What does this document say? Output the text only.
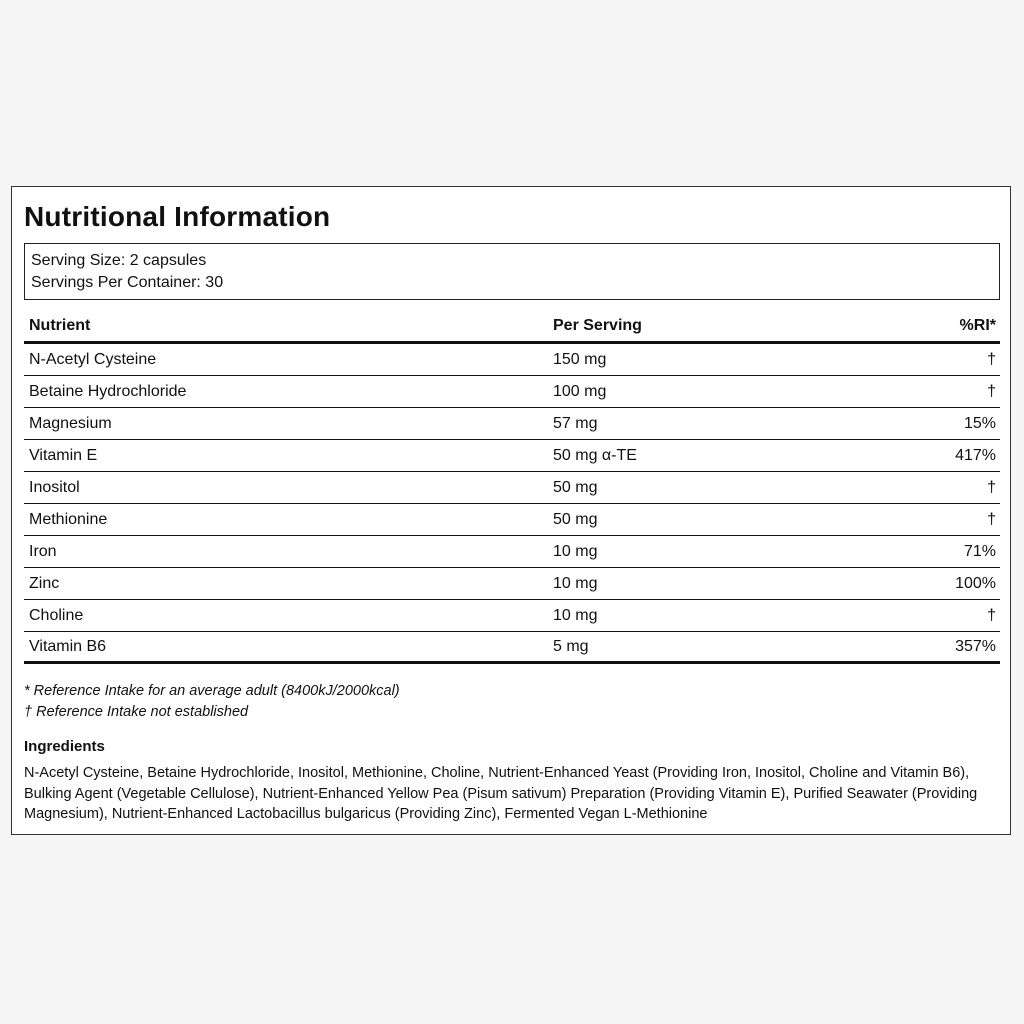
Nutritional Information
Serving Size: 2 capsules
Servings Per Container: 30
Nutrient	Per Serving	%RI*
N-Acetyl Cysteine	150 mg	†
Betaine Hydrochloride	100 mg	†
Magnesium	57 mg	15%
Vitamin E	50 mg α-TE	417%
Inositol	50 mg	†
Methionine	50 mg	†
Iron	10 mg	71%
Zinc	10 mg	100%
Choline	10 mg	†
Vitamin B6	5 mg	357%
* Reference Intake for an average adult (8400kJ/2000kcal)
† Reference Intake not established
Ingredients
N-Acetyl Cysteine, Betaine Hydrochloride, Inositol, Methionine, Choline, Nutrient-Enhanced Yeast (Providing Iron, Inositol, Choline and Vitamin B6), Bulking Agent (Vegetable Cellulose), Nutrient-Enhanced Yellow Pea (Pisum sativum) Preparation (Providing Vitamin E), Purified Seawater (Providing Magnesium), Nutrient-Enhanced Lactobacillus bulgaricus (Providing Zinc), Fermented Vegan L-Methionine
